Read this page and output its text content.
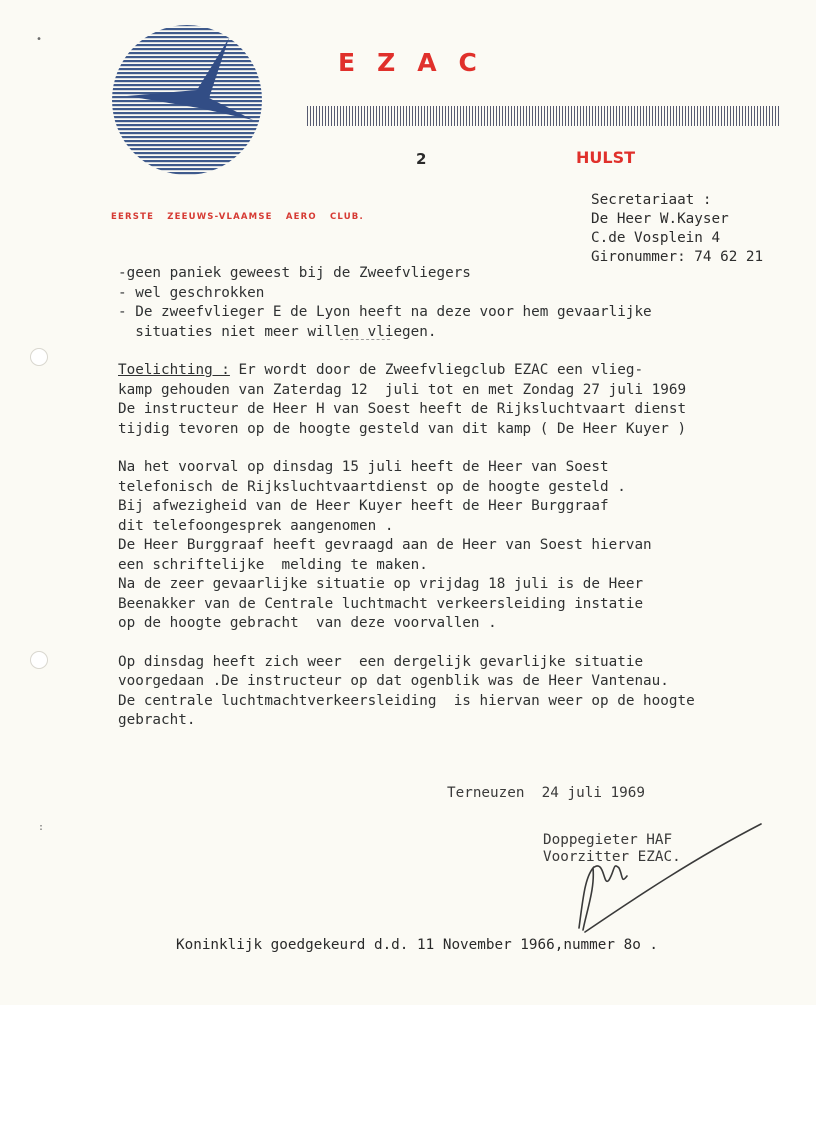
•
:
EZAC
2	HULST
EERSTE ZEEUWS-VLAAMSE AERO CLUB.
Secretariaat :
De Heer W.Kayser
C.de Vosplein 4
Gironummer: 74 62 21
-geen paniek geweest bij de Zweefvliegers
- wel geschrokken
- De zweefvlieger E de Lyon heeft na deze voor hem gevaarlijke
situaties niet meer willen vliegen.
Toelichting : Er wordt door de Zweefvliegclub EZAC een vlieg-
kamp gehouden van Zaterdag 12  juli tot en met Zondag 27 juli 1969
De instructeur de Heer H van Soest heeft de Rijksluchtvaart dienst
tijdig tevoren op de hoogte gesteld van dit kamp ( De Heer Kuyer )
Na het voorval op dinsdag 15 juli heeft de Heer van Soest
telefonisch de Rijksluchtvaartdienst op de hoogte gesteld .
Bij afwezigheid van de Heer Kuyer heeft de Heer Burggraaf
dit telefoongesprek aangenomen .
De Heer Burggraaf heeft gevraagd aan de Heer van Soest hiervan
een schriftelijke  melding te maken.
Na de zeer gevaarlijke situatie op vrijdag 18 juli is de Heer
Beenakker van de Centrale luchtmacht verkeersleiding instatie
op de hoogte gebracht  van deze voorvallen .
Op dinsdag heeft zich weer  een dergelijk gevarlijke situatie
voorgedaan .De instructeur op dat ogenblik was de Heer Vantenau.
De centrale luchtmachtverkeersleiding  is hiervan weer op de hoogte
gebracht.
Terneuzen  24 juli 1969
Doppegieter HAF
Voorzitter EZAC.
Koninklijk goedgekeurd d.d. 11 November 1966,nummer 8o .
